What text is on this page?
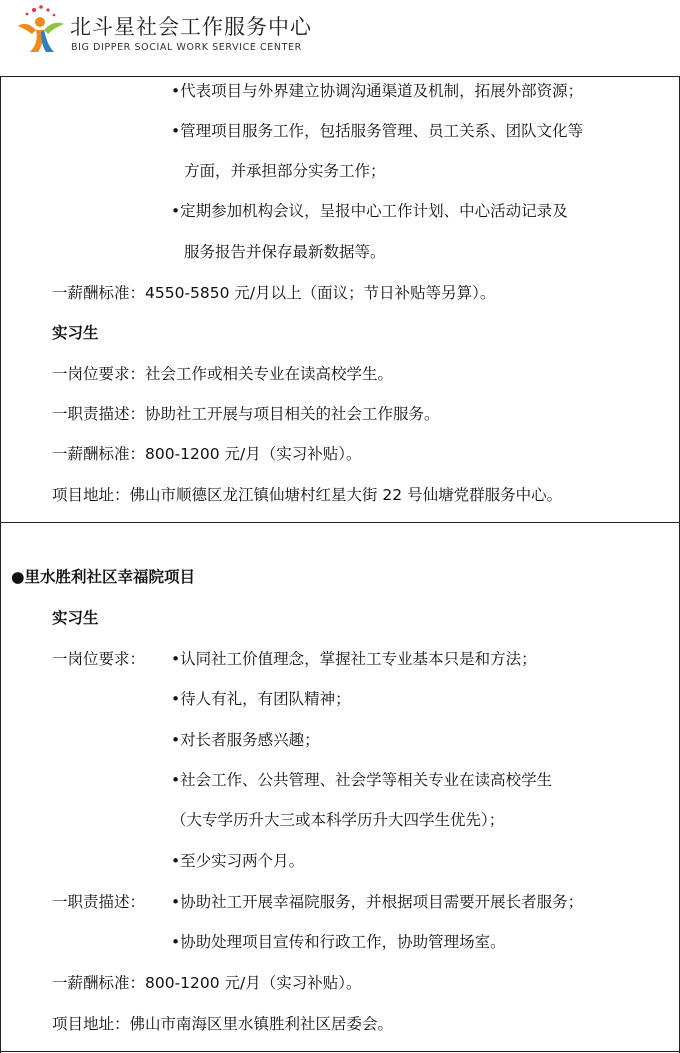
北斗星社会工作服务中心
BIG DIPPER SOCIAL WORK SERVICE CENTER
•代表项目与外界建立协调沟通渠道及机制，拓展外部资源；
•管理项目服务工作，包括服务管理、员工关系、团队文化等
方面，并承担部分实务工作；
•定期参加机构会议，呈报中心工作计划、中心活动记录及
服务报告并保存最新数据等。
一薪酬标准：4550-5850 元/月以上（面议；节日补贴等另算）。
实习生
一岗位要求：社会工作或相关专业在读高校学生。
一职责描述：协助社工开展与项目相关的社会工作服务。
一薪酬标准：800-1200 元/月（实习补贴）。
项目地址：佛山市顺德区龙江镇仙塘村红星大街 22 号仙塘党群服务中心。
●里水胜利社区幸福院项目
实习生
一岗位要求： •认同社工价值理念，掌握社工专业基本只是和方法；
•待人有礼，有团队精神；
•对长者服务感兴趣；
•社会工作、公共管理、社会学等相关专业在读高校学生
（大专学历升大三或本科学历升大四学生优先）；
•至少实习两个月。
一职责描述： •协助社工开展幸福院服务，并根据项目需要开展长者服务；
•协助处理项目宣传和行政工作，协助管理场室。
一薪酬标准：800-1200 元/月（实习补贴）。
项目地址：佛山市南海区里水镇胜利社区居委会。
